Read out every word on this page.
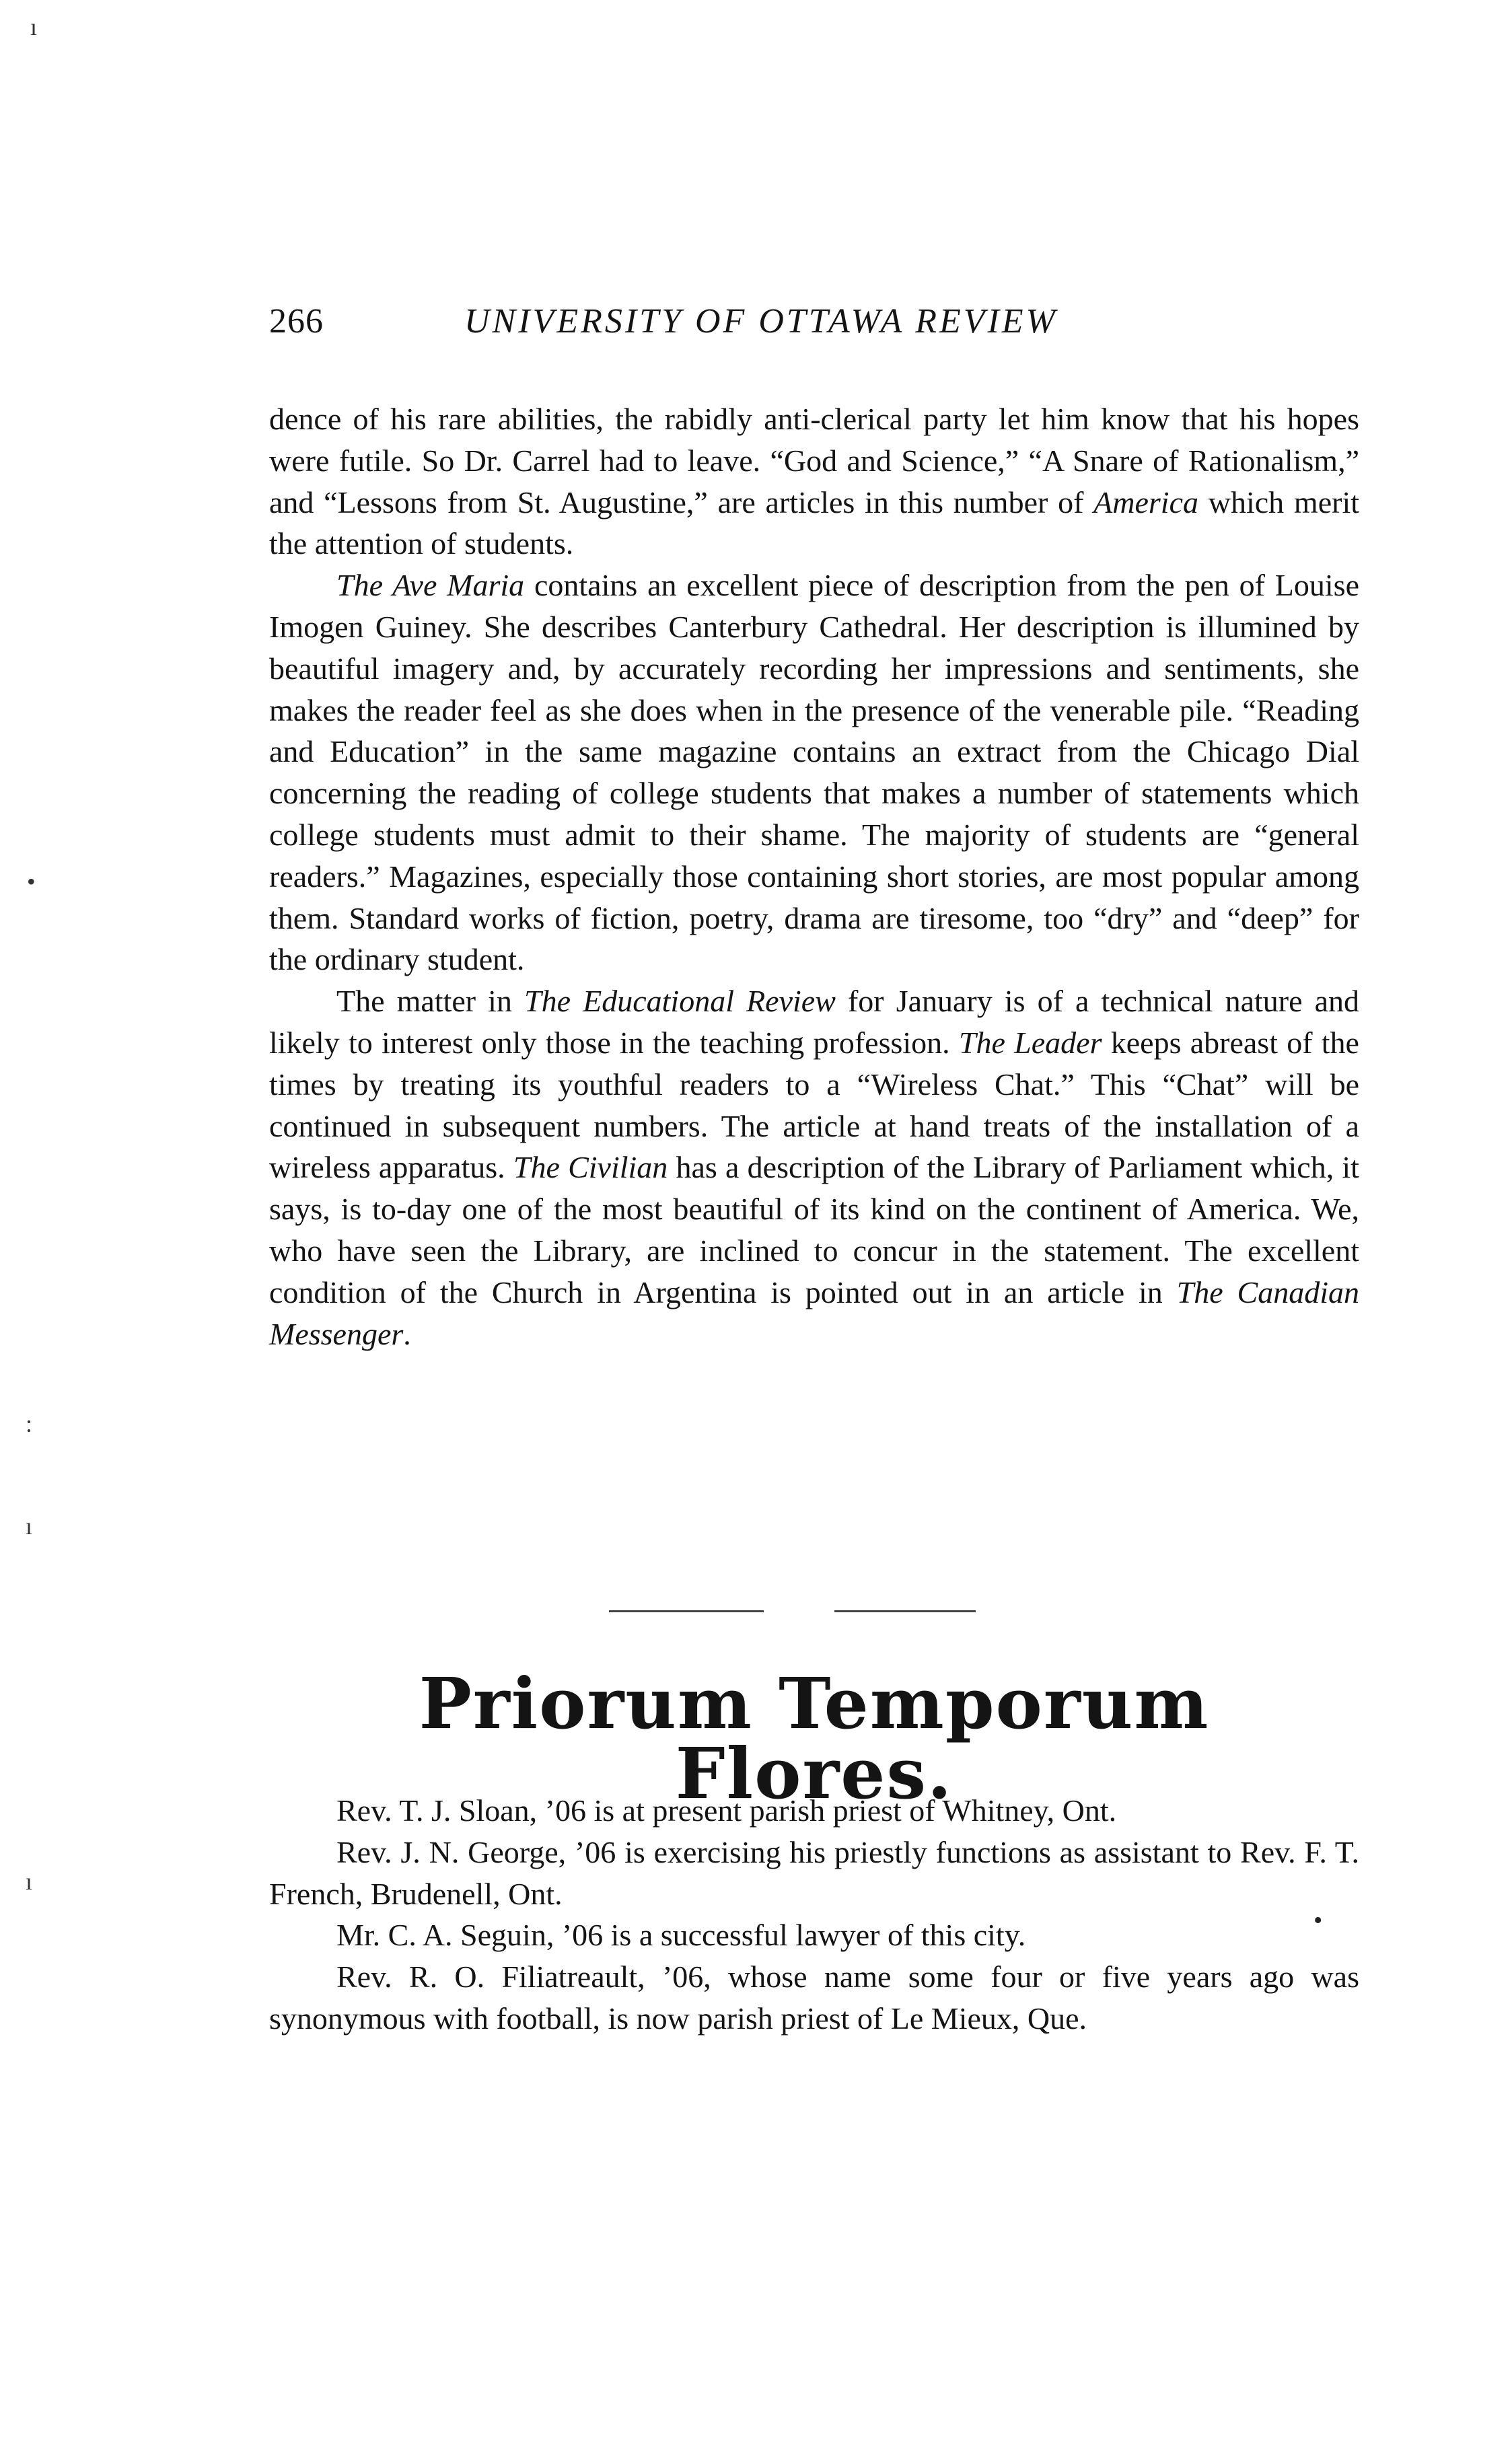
ı
•
:
ı
ı
266	UNIVERSITY OF OTTAWA REVIEW

dence of his rare abilities, the rabidly anti-clerical party let him know that his hopes were futile. So Dr. Carrel had to leave. “God and Science,” “A Snare of Rationalism,” and “Lessons from St. Augustine,” are articles in this number of America which merit the attention of students.

The Ave Maria contains an excellent piece of description from the pen of Louise Imogen Guiney. She describes Canterbury Cathedral. Her description is illumined by beautiful imagery and, by accurately recording her impressions and sentiments, she makes the reader feel as she does when in the presence of the venerable pile. “Reading and Education” in the same magazine contains an extract from the Chicago Dial concerning the reading of college students that makes a number of statements which college students must admit to their shame. The majority of students are “general readers.” Magazines, especially those containing short stories, are most popular among them. Standard works of fiction, poetry, drama are tiresome, too “dry” and “deep” for the ordinary student.

The matter in The Educational Review for January is of a technical nature and likely to interest only those in the teaching profession. The Leader keeps abreast of the times by treating its youthful readers to a “Wireless Chat.” This “Chat” will be continued in subsequent numbers. The article at hand treats of the installation of a wireless apparatus. The Civilian has a description of the Library of Parliament which, it says, is to-day one of the most beautiful of its kind on the continent of America. We, who have seen the Library, are inclined to concur in the statement. The excellent condition of the Church in Argentina is pointed out in an article in The Canadian Messenger.

Priorum Temporum Flores.

Rev. T. J. Sloan, ’06 is at present parish priest of Whitney, Ont.

Rev. J. N. George, ’06 is exercising his priestly functions as assistant to Rev. F. T. French, Brudenell, Ont.

Mr. C. A. Seguin, ’06 is a successful lawyer of this city.

Rev. R. O. Filiatreault, ’06, whose name some four or five years ago was synonymous with football, is now parish priest of Le Mieux, Que.

•
